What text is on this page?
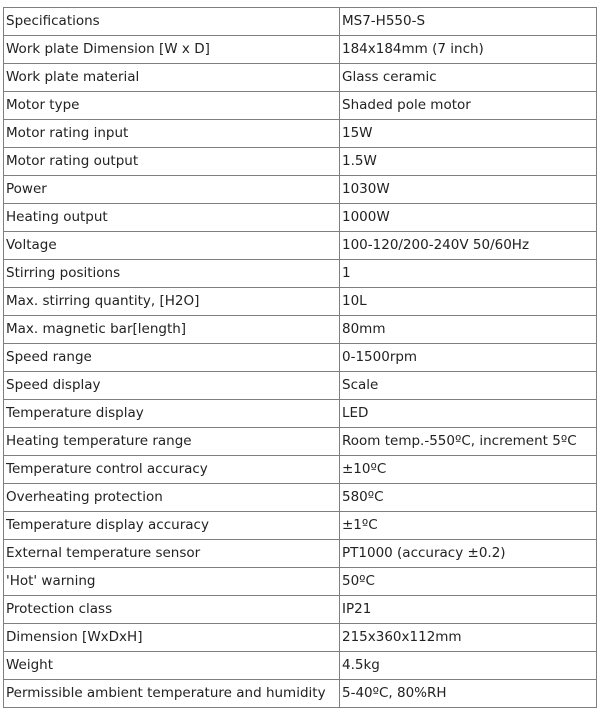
Specifications	MS7-H550-S
Work plate Dimension [W x D]	184x184mm (7 inch)
Work plate material	Glass ceramic
Motor type	Shaded pole motor
Motor rating input	15W
Motor rating output	1.5W
Power	1030W
Heating output	1000W
Voltage	100-120/200-240V 50/60Hz
Stirring positions	1
Max. stirring quantity, [H2O]	10L
Max. magnetic bar[length]	80mm
Speed range	0-1500rpm
Speed display	Scale
Temperature display	LED
Heating temperature range	Room temp.-550ºC, increment 5ºC
Temperature control accuracy	±10ºC
Overheating protection	580ºC
Temperature display accuracy	±1ºC
External temperature sensor	PT1000 (accuracy ±0.2)
'Hot' warning	50ºC
Protection class	IP21
Dimension [WxDxH]	215x360x112mm
Weight	4.5kg
Permissible ambient temperature and humidity	5-40ºC, 80%RH
